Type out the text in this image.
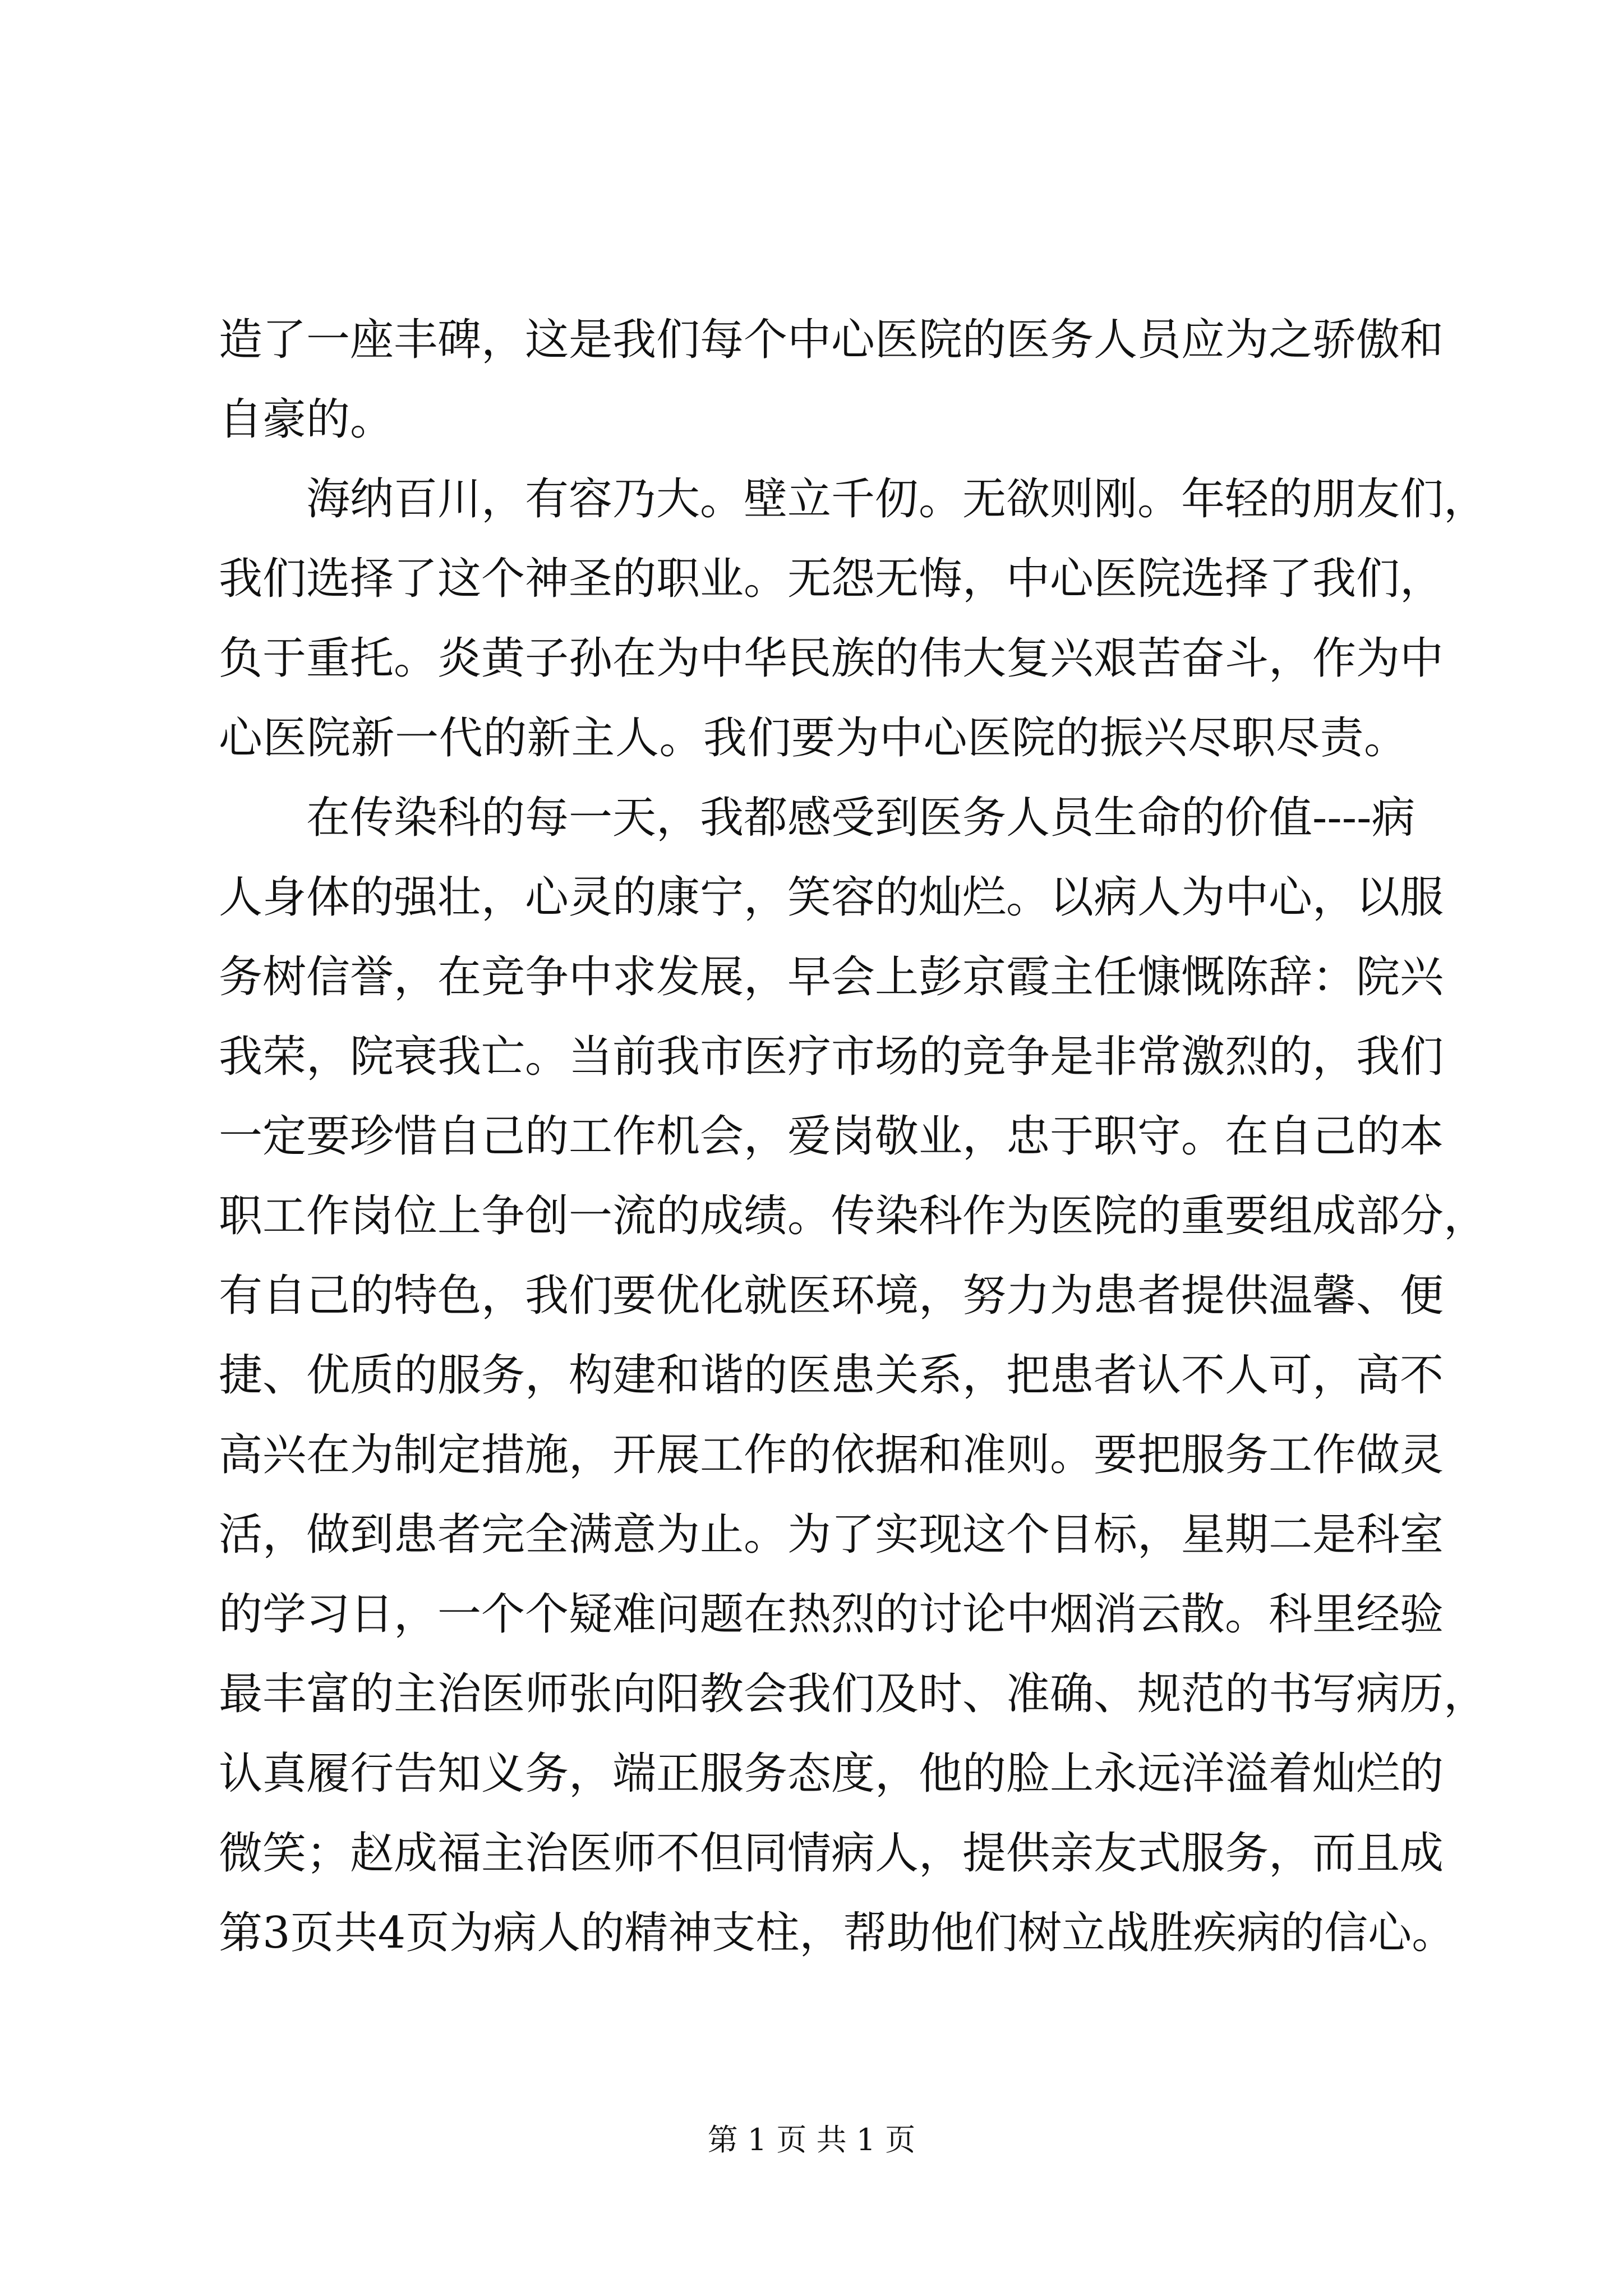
造了一座丰碑，这是我们每个中心医院的医务人员应为之骄傲和
自豪的。
海纳百川，有容乃大。壁立千仞。无欲则刚。年轻的朋友们，
我们选择了这个神圣的职业。无怨无悔，中心医院选择了我们，
负于重托。炎黄子孙在为中华民族的伟大复兴艰苦奋斗，作为中
心医院新一代的新主人。我们要为中心医院的振兴尽职尽责。
在传染科的每一天，我都感受到医务人员生命的价值----病
人身体的强壮，心灵的康宁，笑容的灿烂。以病人为中心，以服
务树信誉，在竞争中求发展，早会上彭京霞主任慷慨陈辞：院兴
我荣，院衰我亡。当前我市医疗市场的竞争是非常激烈的，我们
一定要珍惜自己的工作机会，爱岗敬业，忠于职守。在自己的本
职工作岗位上争创一流的成绩。传染科作为医院的重要组成部分，
有自己的特色，我们要优化就医环境，努力为患者提供温馨、便
捷、优质的服务，构建和谐的医患关系，把患者认不人可，高不
高兴在为制定措施，开展工作的依据和准则。要把服务工作做灵
活，做到患者完全满意为止。为了实现这个目标，星期二是科室
的学习日，一个个疑难问题在热烈的讨论中烟消云散。科里经验
最丰富的主治医师张向阳教会我们及时、准确、规范的书写病历，
认真履行告知义务，端正服务态度，他的脸上永远洋溢着灿烂的
微笑；赵成福主治医师不但同情病人，提供亲友式服务，而且成
第3页共4页为病人的精神支柱，帮助他们树立战胜疾病的信心。
第 1 页 共 1 页
